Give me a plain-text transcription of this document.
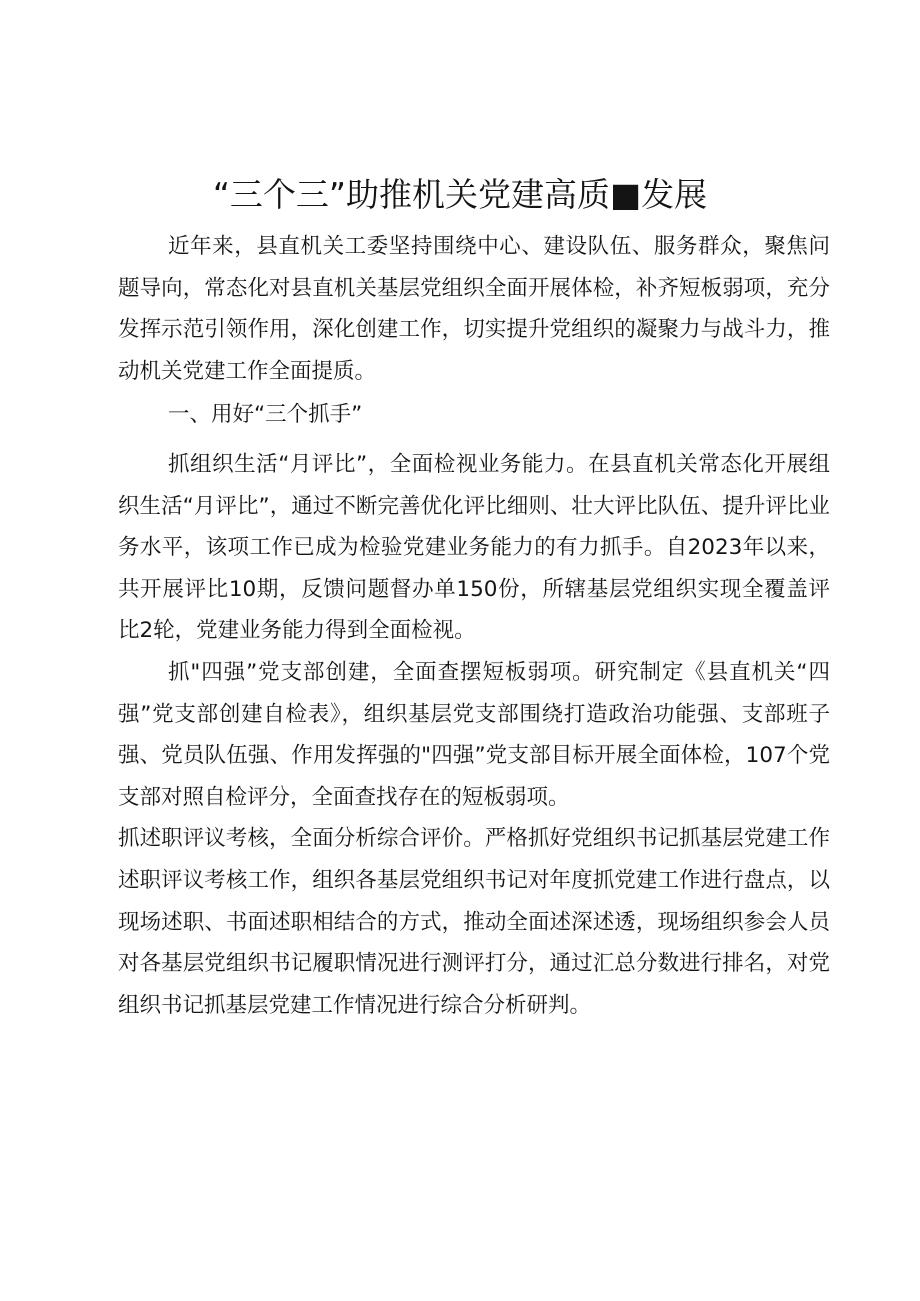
“三个三”助推机关党建高质■发展

近年来，县直机关工委坚持围绕中心、建设队伍、服务群众，聚焦问题导向，常态化对县直机关基层党组织全面开展体检，补齐短板弱项，充分发挥示范引领作用，深化创建工作，切实提升党组织的凝聚力与战斗力，推动机关党建工作全面提质。

一、用好“三个抓手”

抓组织生活“月评比”，全面检视业务能力。在县直机关常态化开展组织生活“月评比”，通过不断完善优化评比细则、壮大评比队伍、提升评比业务水平，该项工作已成为检验党建业务能力的有力抓手。自2023年以来，共开展评比10期，反馈问题督办单150份，所辖基层党组织实现全覆盖评比2轮，党建业务能力得到全面检视。

抓"四强”党支部创建，全面查摆短板弱项。研究制定《县直机关“四强”党支部创建自检表》，组织基层党支部围绕打造政治功能强、支部班子强、党员队伍强、作用发挥强的"四强”党支部目标开展全面体检，107个党支部对照自检评分，全面查找存在的短板弱项。

抓述职评议考核，全面分析综合评价。严格抓好党组织书记抓基层党建工作述职评议考核工作，组织各基层党组织书记对年度抓党建工作进行盘点，以现场述职、书面述职相结合的方式，推动全面述深述透，现场组织参会人员对各基层党组织书记履职情况进行测评打分，通过汇总分数进行排名，对党组织书记抓基层党建工作情况进行综合分析研判。
